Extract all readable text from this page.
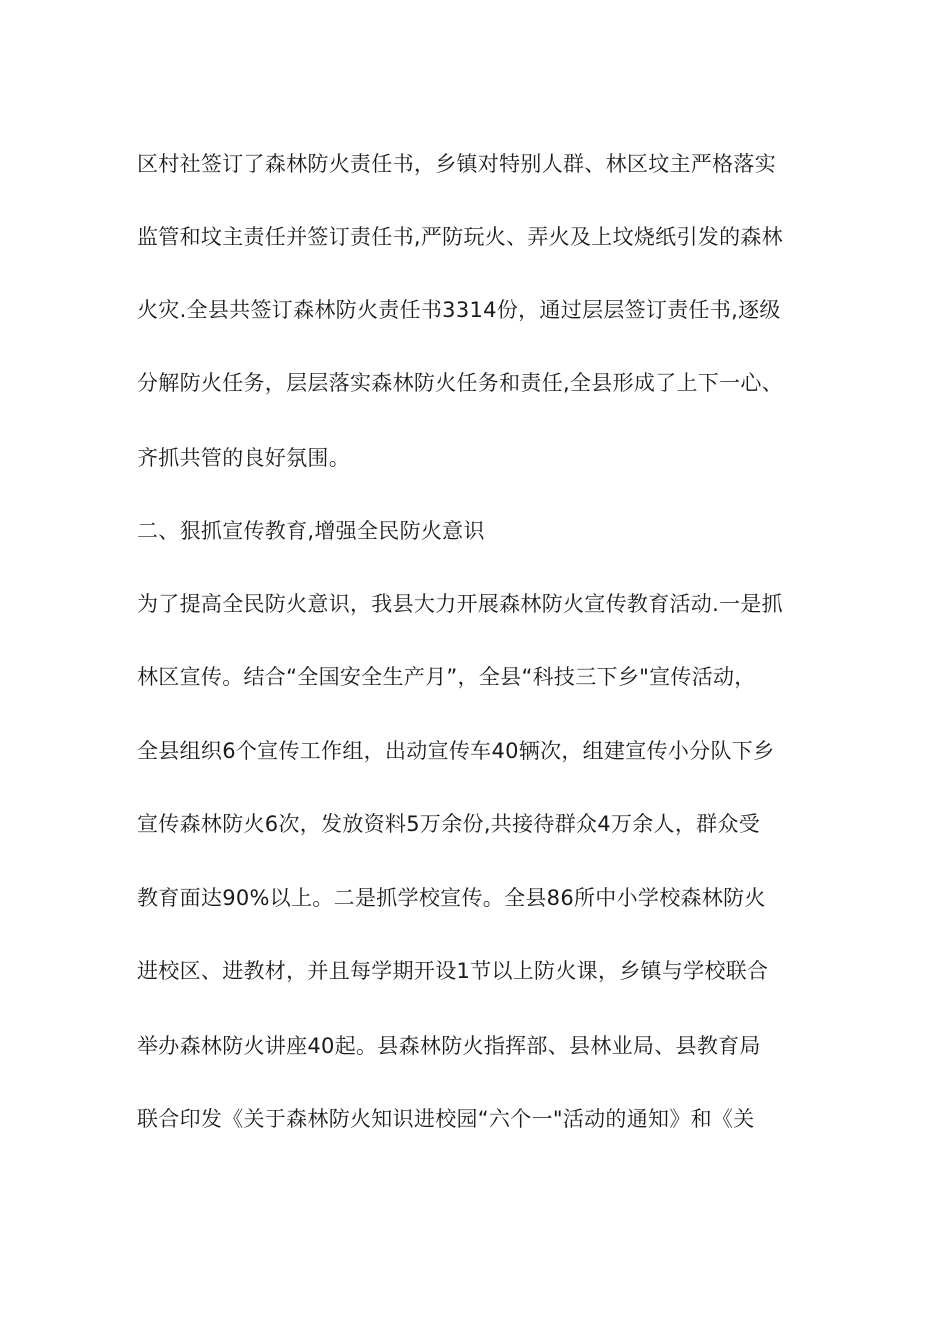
区村社签订了森林防火责任书，乡镇对特别人群、林区坟主严格落实
监管和坟主责任并签订责任书,严防玩火、弄火及上坟烧纸引发的森林
火灾.全县共签订森林防火责任书3314份，通过层层签订责任书,逐级
分解防火任务，层层落实森林防火任务和责任,全县形成了上下一心、
齐抓共管的良好氛围。
二、狠抓宣传教育,增强全民防火意识
为了提高全民防火意识，我县大力开展森林防火宣传教育活动.一是抓
林区宣传。结合“全国安全生产月”，全县“科技三下乡"宣传活动，
全县组织6个宣传工作组，出动宣传车40辆次，组建宣传小分队下乡
宣传森林防火6次，发放资料5万余份,共接待群众4万余人，群众受
教育面达90%以上。二是抓学校宣传。全县86所中小学校森林防火
进校区、进教材，并且每学期开设1节以上防火课，乡镇与学校联合
举办森林防火讲座40起。县森林防火指挥部、县林业局、县教育局
联合印发《关于森林防火知识进校园“六个一"活动的通知》和《关
